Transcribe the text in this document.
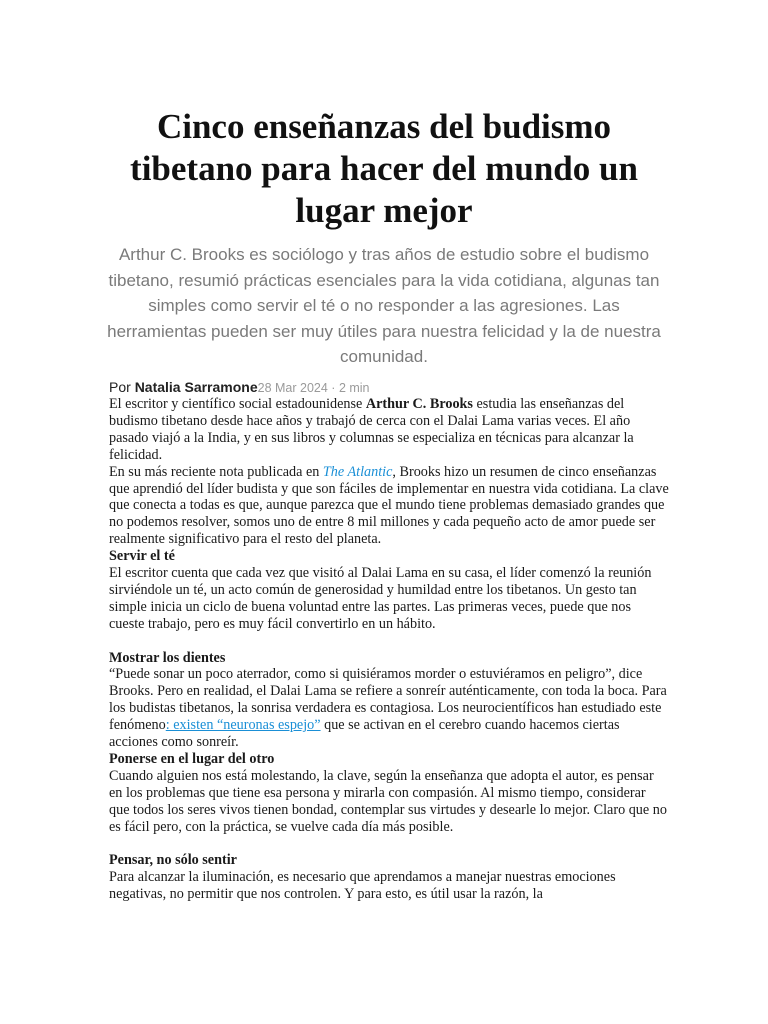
Cinco enseñanzas del budismo tibetano para hacer del mundo un lugar mejor

Arthur C. Brooks es sociólogo y tras años de estudio sobre el budismo tibetano, resumió prácticas esenciales para la vida cotidiana, algunas tan simples como servir el té o no responder a las agresiones. Las herramientas pueden ser muy útiles para nuestra felicidad y la de nuestra comunidad.

Por Natalia Sarramone28 Mar 2024 · 2 min

El escritor y científico social estadounidense Arthur C. Brooks estudia las enseñanzas del budismo tibetano desde hace años y trabajó de cerca con el Dalai Lama varias veces. El año pasado viajó a la India, y en sus libros y columnas se especializa en técnicas para alcanzar la felicidad.

En su más reciente nota publicada en The Atlantic, Brooks hizo un resumen de cinco enseñanzas que aprendió del líder budista y que son fáciles de implementar en nuestra vida cotidiana. La clave que conecta a todas es que, aunque parezca que el mundo tiene problemas demasiado grandes que no podemos resolver, somos uno de entre 8 mil millones y cada pequeño acto de amor puede ser realmente significativo para el resto del planeta.

Servir el té

El escritor cuenta que cada vez que visitó al Dalai Lama en su casa, el líder comenzó la reunión sirviéndole un té, un acto común de generosidad y humildad entre los tibetanos. Un gesto tan simple inicia un ciclo de buena voluntad entre las partes. Las primeras veces, puede que nos cueste trabajo, pero es muy fácil convertirlo en un hábito.

Mostrar los dientes

“Puede sonar un poco aterrador, como si quisiéramos morder o estuviéramos en peligro”, dice Brooks. Pero en realidad, el Dalai Lama se refiere a sonreír auténticamente, con toda la boca. Para los budistas tibetanos, la sonrisa verdadera es contagiosa. Los neurocientíficos han estudiado este fenómeno: existen “neuronas espejo” que se activan en el cerebro cuando hacemos ciertas acciones como sonreír.

Ponerse en el lugar del otro

Cuando alguien nos está molestando, la clave, según la enseñanza que adopta el autor, es pensar en los problemas que tiene esa persona y mirarla con compasión. Al mismo tiempo, considerar que todos los seres vivos tienen bondad, contemplar sus virtudes y desearle lo mejor. Claro que no es fácil pero, con la práctica, se vuelve cada día más posible.

Pensar, no sólo sentir

Para alcanzar la iluminación, es necesario que aprendamos a manejar nuestras emociones negativas, no permitir que nos controlen. Y para esto, es útil usar la razón, la
